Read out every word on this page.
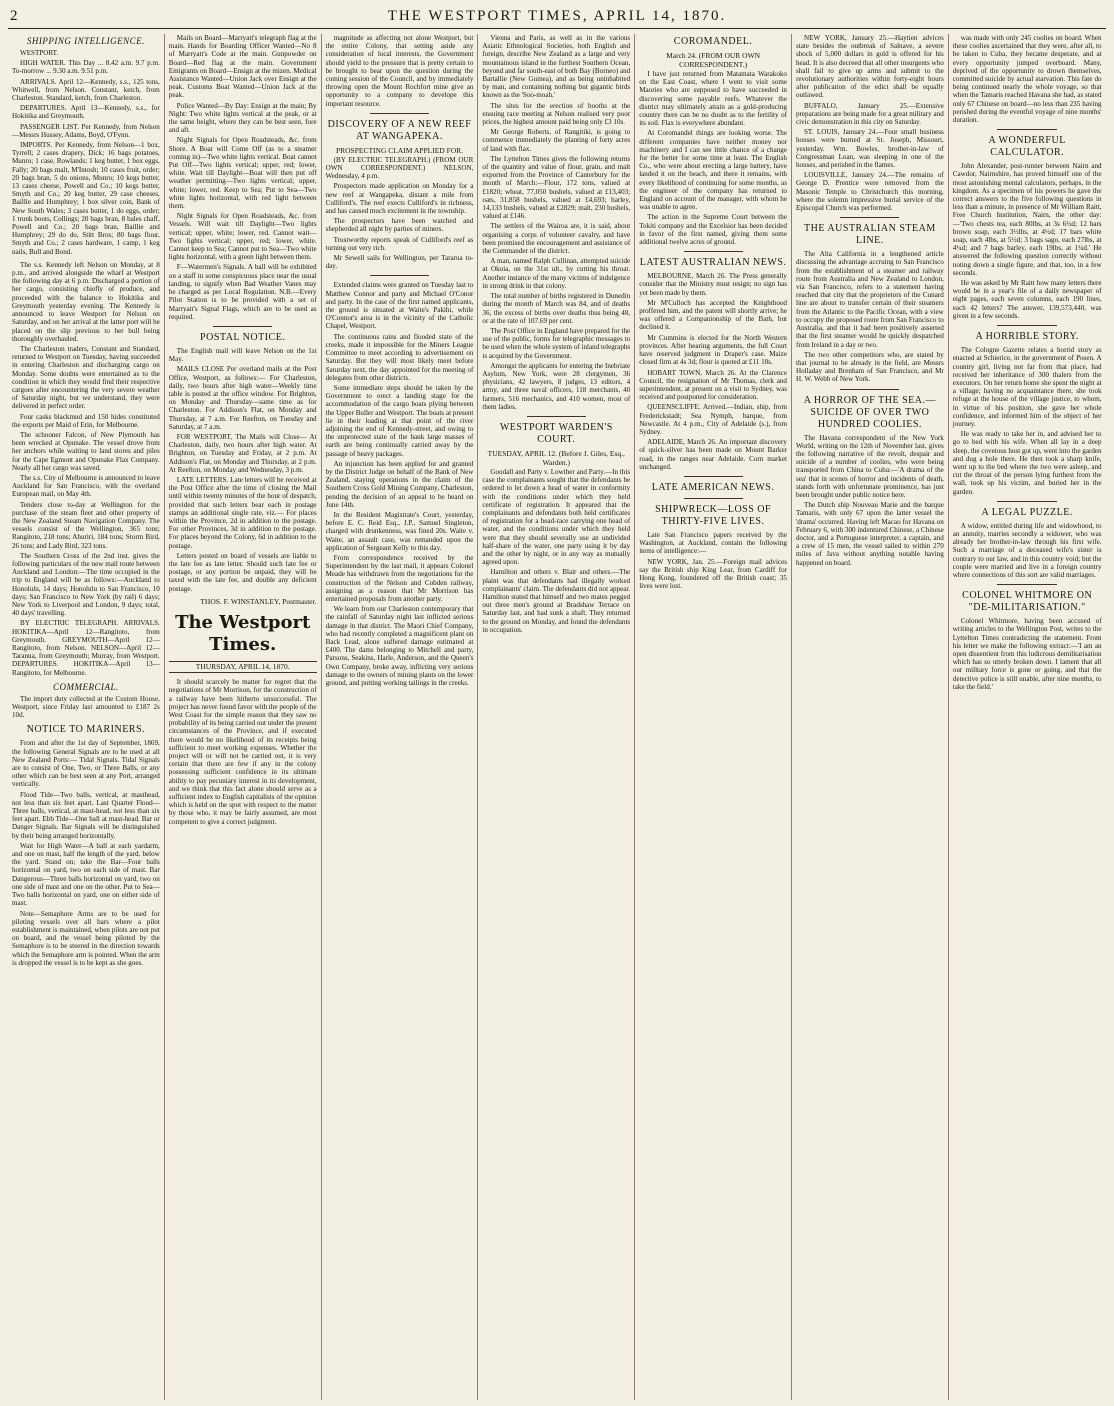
2	THE WESTPORT TIMES, APRIL 14, 1870.
SHIPPING INTELLIGENCE.

WESTPORT.

HIGH WATER. This Day ... 8.42 a.m. 9.7 p.m. To-morrow ... 9.30 a.m. 9.51 p.m.

ARRIVALS. April 12—Kennedy, s.s., 125 tons, Whitwell, from Nelson. Constant, ketch, from Charleston. Standard, ketch, from Charleston.

DEPARTURES. April 13—Kennedy, s.s., for Hokitika and Greymouth.

PASSENGER LIST. Per Kennedy, from Nelson—Messrs Hussey, Adams, Boyd, O'Fynn.

IMPORTS. Per Kennedy, from Nelson—1 box, Tyrrell; 2 cases drapery, Dick; 16 bags potatoes, Munro; 1 case, Rowlands; 1 keg butter, 1 box eggs, Fally; 20 bags malt, M'Intosh; 10 cases fruit, order; 20 bags bran, 5 do onions, Munro; 10 kegs butter, 13 cases cheese, Powell and Co.; 10 kegs butter, Smyth and Co.; 20 keg butter, 29 case cheeses, Baillie and Humphrey; 1 box silver coin, Bank of New South Wales; 3 cases butter, 1 do eggs, order; 1 trunk boots, Collings; 20 bags bran, 8 bales chaff, Powell and Co.; 20 bags bran, Baillie and Humphrey; 29 do do, Stitt Bros; 80 bags flour, Smyth and Co.; 2 cases hardware, 1 camp, 1 keg nails, Bull and Bond.

The s.s. Kennedy left Nelson on Monday, at 8 p.m., and arrived alongside the wharf at Westport the following day at 6 p.m. Discharged a portion of her cargo, consisting chiefly of produce, and proceeded with the balance to Hokitika and Greymouth yesterday evening. The Kennedy is announced to leave Westport for Nelson on Saturday, and on her arrival at the latter port will be placed on the slip previous to her bull being thoroughly overhauled.

The Charleston traders, Constant and Standard, returned to Westport on Tuesday, having succeeded in entering Charleston and discharging cargo on Monday. Some doubts were entertained as to the condition in which they would find their respective cargoes after encountering the very severe weather of Saturday night, but we understand, they were delivered in perfect order.

Four casks blackmud and 150 hides constituted the exports per Maid of Erin, for Melbourne.

The schooner Falcon, of New Plymouth has been wrecked at Opunake. The vessel drove from her anchors while waiting to land stores and piles for the Cape Egmont and Opunake Flax Company. Nearly all her cargo was saved.

The s.s. City of Melbourne is announced to leave Auckland for San Francisco, with the overland European mail, on May 4th.

Tenders close to-day at Wellington for the purchase of the steam fleet and other property of the New Zealand Steam Navigation Company. The vessels consist of the Wellington, 365 tons; Rangitoto, 218 tons; Ahuriri, 184 tons; Storm Bird, 26 tons; and Lady Bird, 323 tons.

The Southern Cross of the 2nd inst. gives the following particulars of the new mail route between Auckland and London:—The time occupied in the trip to England will be as follows:—Auckland to Honolulu, 14 days; Honolulu to San Francisco, 10 days; San Francisco to New York (by rail) 6 days; New York to Liverpool and London, 9 days; total, 40 days' travelling.

BY ELECTRIC TELEGRAPH. ARRIVALS. HOKITIKA—April 12—Rangitoto, from Greymouth. GREYMOUTH—April 12—Rangitoto, from Nelson. NELSON—April 12—Taranua, from Greymouth; Murray, from Westport. DEPARTURES. HOKITIKA—April 13—Rangitoto, for Melbourne.

COMMERCIAL.

The import duty collected at the Custom House, Westport, since Friday last amounted to £187 2s 10d.

NOTICE TO MARINERS.

From and after the 1st day of September, 1869, the following General Signals are to be used at all New Zealand Ports:— Tidal Signals. Tidal Signals are to consist of One, Two, or Three Balls, or any other which can be best seen at any Port, arranged vertically.

Flood Tide—Two balls, vertical, at masthead, not less than six feet apart. Last Quarter Flood—Three balls, vertical, at mast-head, not less than six feet apart. Ebb Tide—One ball at mast-head. Bar or Danger Signals. Bar Signals will be distinguished by their being arranged horizontally.

Wait for High Water—A ball at each yardarm, and one on mast, half the length of the yard, below the yard. Stand on; take the Bar—Four balls horizontal on yard, two on each side of mast. Bar Dangerous—Three balls horizontal on yard, two on one side of mast and one on the other. Put to Sea—Two balls horizontal on yard, one on either side of mast.

Note—Semaphore Arms are to be used for piloting vessels over all bars where a pilot establishment is maintained, when pilots are not put on board, and the vessel being piloted by the Semaphore is to be steered in the direction towards which the Semaphore arm is pointed. When the arm is dropped the vessel is to be kept as she goes.

Mails on Board—Marryatt's telegraph flag at the main. Hands for Boarding Officer Wanted—No 8 of Marryatt's Code at the main. Gunpowder on Board—Red flag at the main. Government Emigrants on Board—Ensign at the mizen. Medical Assistance Wanted—Union Jack over Ensign at the peak. Customs Boat Wanted—Union Jack at the peak.

Police Wanted—By Day: Ensign at the main; By Night: Two white lights vertical at the peak, or at the same height, where they can be best seen, fore and aft.

Night Signals for Open Roadsteads, &c. from Shore. A Boat will Come Off (as to a steamer coming in)—Two white lights vertical. Boat cannot Put Off—Two lights vertical; upper, red; lower, white. Wait till Daylight—Boat will then put off weather permitting—Two lights vertical; upper, white; lower, red. Keep to Sea; Put to Sea—Two white lights horizontal, with red light between them.

Night Signals for Open Roadsteads, &c. from Vessels. Will wait till Daylight—Two lights vertical; upper, white; lower, red. Cannot wait—Two lights vertical; upper, red; lower, white. Cannot keep to Sea; Cannot put to Sea—Two white lights horizontal, with a green light between them.

F—Watermen's Signals. A ball will be exhibited on a staff in some conspicuous place near the usual landing, to signify when Bad Weather Vanes may be charged as per Local Regulation. N.B.—Every Pilot Station is to be provided with a set of Marryatt's Signal Flags, which are to be used as required.

POSTAL NOTICE.

The English mail will leave Nelson on the 1st May.

MAILS CLOSE Per overland mails at the Post Office, Westport, as follows:— For Charleston, daily, two hours after high water—Weekly time table is posted at the office window. For Brighton, on Monday and Thursday—same time as for Charleston. For Addison's Flat, on Monday and Thursday, at 7 a.m. For Reefton, on Tuesday and Saturday, at 7 a.m.

FOR WESTPORT, The Mails will Close— At Charleston, daily, two hours after high water. At Brighton, on Tuesday and Friday, at 2 p.m. At Addison's Flat, on Monday and Thursday, at 2 p.m. At Reefton, on Monday and Wednesday, 3 p.m.

LATE LETTERS. Late letters will be received at the Post Office after the time of closing the Mail until within twenty minutes of the hour of despatch, provided that such letters bear each in postage stamps an additional single rate, viz.— For places within the Province, 2d in addition to the postage. For other Provinces, 3d in addition to the postage. For places beyond the Colony, 6d in addition to the postage.

Letters posted on board of vessels are liable to the late fee as late letter. Should such late fee or postage, or any portion be unpaid, they will be taxed with the late fee, and double any deficient postage.

THOS. F. WINSTANLEY, Postmaster.
The Westport Times.
THURSDAY, APRIL 14, 1870.

It should scarcely be matter for regret that the negotiations of Mr Morrison, for the construction of a railway have been hitherto unsuccessful. The project has never found favor with the people of the West Coast for the simple reason that they saw no probability of its being carried out under the present circumstances of the Province, and if executed there would be no likelihood of its receipts being sufficient to meet working expenses. Whether the project will or will not be carried out, it is very certain that there are few if any in the colony possessing sufficient confidence in its ultimate ability to pay pecuniary interest in its development, and we think that this fact alone should serve as a sufficient index to English capitalists of the opinion which is held on the spot with respect to the matter by those who, it may be fairly assumed, are most competent to give a correct judgment.

magnitude as affecting not alone Westport, but the entire Colony, that setting aside any consideration of local interests, the Government should yield to the pressure that is pretty certain to be brought to bear upon the question during the coming session of the Council, and by immediately throwing open the Mount Rochfort mine give an opportunity to a company to develope this important resource.

DISCOVERY OF A NEW REEF AT WANGAPEKA.
PROSPECTING CLAIM APPLIED FOR.

(BY ELECTRIC TELEGRAPH.) (FROM OUR OWN CORRESPONDENT.) NELSON, Wednesday, 4 p.m.

Prospectors made application on Monday for a new reef at Wangapeka, distant a mile from Culliford's. The reef exects Culliford's in richness, and has caused much excitement in the township.

The prospectors have been watched and shepherded all night by parties of miners.

Trustworthy reports speak of Culliford's reef as turning out very rich.

Mr Sewell sails for Wellington, per Tararua to-day.

Extended claims were granted on Tuesday last to Matthew Connor and party and Michael O'Conor and party. In the case of the first named applicants, the ground is situated at Waite's Pakihi, while O'Connor's area is in the vicinity of the Catholic Chapel, Westport.

The continuous rains and flooded state of the creeks, made it impossible for the Miners League Committee to meet according to advertisement on Saturday. But they will most likely meet before Saturday next, the day appointed for the meeting of delegates from other districts.

Some immediate steps should be taken by the Government to erect a landing stage for the accommodation of the cargo boats plying between the Upper Buller and Westport. The boats at present lie in their loading at that point of the river adjoining the end of Kennedy-street, and owing to the unprotected state of the bank large masses of earth are being continually carried away by the passage of heavy packages.

An injunction has been applied for and granted by the District Judge on behalf of the Bank of New Zealand, staying operations in the claim of the Southern Cross Gold Mining Company, Charleston, pending the decision of an appeal to be heard on June 14th.

In the Resident Magistrate's Court, yesterday, before E. C. Reid Esq., J.P., Samuel Singleton, charged with drunkenness, was fined 20s. Waite v. Waite, an assault case, was remanded upon the application of Sergeant Kelly to this day.

From correspondence received by the Superintendent by the last mail, it appears Colonel Meade has withdrawn from the negotiations for the construction of the Nelson and Cobden railway, assigning as a reason that Mr Morrison has entertained proposals from another party.

We learn from our Charleston contemporary that the rainfall of Saturday night last inflicted serious damage in that district. The Maori Chief Company, who had recently completed a magnificent plant on Back Lead, alone suffered damage estimated at £400. The dams belonging to Mitchell and party, Parsons, Seakins, Harle, Anderson, and the Queen's Own Company, broke away, inflicting very serious damage to the owners of mining plants on the lower ground, and putting working tailings in the creeks.

Vienna and Paris, as well as in the various Asiatic Ethnological Societies, both English and foreign, describe New Zealand as a large and very mountainous island in the furthest Southern Ocean, beyond and far south-east of both Bay (Borneo) and Bartallie (New Guinea), and as being uninhabited by man, and containing nothing but gigantic birds known as the 'Soo-moah.'

The sites for the erection of booths at the ensuing race meeting at Nelson realised very poor prices, the highest amount paid being only £3 10s.

Mr George Roberts, of Rangitiki, is going to commence immediately the planting of forty acres of land with flax.

The Lyttelton Times gives the following returns of the quantity and value of flour, grain, and malt exported from the Province of Canterbury for the month of March:—Flour, 172 tons, valued at £1820; wheat, 77,050 bushels, valued at £13,403; oats, 31,858 bushels, valued at £4,693; barley, 14,133 bushels, valued at £2829; malt, 230 bushels, valued at £146.

The settlers of the Wairoa are, it is said, about organising a corps of volunteer cavalry, and have been promised the encouragement and assistance of the Commander of the district.

A man, named Ralph Cullinan, attempted suicide at Okoia, on the 31st ult., by cutting his throat. Another instance of the many victims of indulgence in strong drink in that colony.

The total number of births registered in Dunedin during the month of March was 84, and of deaths 36, the excess of births over deaths thus being 48, or at the rate of 107.69 per cent.

The Post Office in England have prepared for the use of the public, forms for telegraphic messages to be used when the whole system of inland telegraphs is acquired by the Government.

Amongst the applicants for entering the Inebriate Asylum, New York, were 28 clergymen, 36 physicians, 42 lawyers, 8 judges, 13 editors, 4 army, and three naval officers, 118 merchants, 40 farmers, 516 mechanics, and 410 women, most of them ladies.

WESTPORT WARDEN'S COURT.
TUESDAY, APRIL 12. (Before J. Giles, Esq., Warden.)

Goodall and Party v. Lowther and Party.—In this case the complainants sought that the defendants be ordered to let down a head of water in conformity with the conditions under which they held certificate of registration. It appeared that the complainants and defendants both held certificates of registration for a head-race carrying one head of water, and the conditions under which they held were that they should severally use an undivided half-share of the water, one party using it by day and the other by night, or in any way as mutually agreed upon.

Hamilton and others v. Blair and others.—The plaint was that defendants had illegally worked complainants' claim. The defendants did not appear. Hamilton stated that himself and two mates pegged out three men's ground at Bradshaw Terrace on Saturday last, and had sunk a shaft. They returned to the ground on Monday, and found the defendants in occupation.

COROMANDEL.
March 24. (FROM OUR OWN CORRESPONDENT.)

I have just returned from Matamata Warakoko on the East Coast, where I went to visit some Maories who are supposed to have succeeded in discovering some payable reefs. Whatever the district may ultimately attain as a gold-producing country there can be no doubt as to the fertility of its soil. Flax is everywhere abundant.

At Coromandel things are looking worse. The different companies have neither money nor machinery and I can see little chance of a change for the better for some time at least. The English Co., who were about erecting a large battery, have landed it on the beach, and there it remains, with every likelihood of continuing for some months, as the engineer of the company has returned to England on account of the manager, with whom he was unable to agree.

The action in the Supreme Court between the Tokiti company and the Excelsior has been decided in favor of the first named, giving them some additional twelve acres of ground.

LATEST AUSTRALIAN NEWS.

MELBOURNE, March 26. The Press generally consider that the Ministry must resign; no sign has yet been made by them.

Mr M'Culloch has accepted the Knighthood proffered him, and the patent will shortly arrive; he was offered a Companionship of the Bath, but declined it.

Mr Cummins is elected for the North Western provinces. After hearing arguments, the full Court have reserved judgment in Draper's case. Maize closed firm at 4s 3d; flour is quoted at £11 10s.

HOBART TOWN, March 26. At the Clarence Council, the resignation of Mr Thomas, clerk and superintendent, at present on a visit to Sydney, was received and postponed for consideration.

QUEENSCLIFFE. Arrived.—Indian, ship, from Frederickstadt; Sea Nymph, barque, from Newcastle. At 4 p.m., City of Adelaide (s.), from Sydney.

ADELAIDE, March 26. An important discovery of quick-silver has been made on Mount Barker road, in the ranges near Adelaide. Corn market unchanged.

LATE AMERICAN NEWS.
SHIPWRECK—LOSS OF THIRTY-FIVE LIVES.

Late San Francisco papers received by the Washington, at Auckland, contain the following items of intelligence:—

NEW YORK, Jan. 25.—Foreign mail advices say the British ship King Lear, from Cardiff for Hong Kong, foundered off the British coast; 35 lives were lost.

NEW YORK, January 25.—Haytien advices state besides the outbreak of Salnave, a severe shock of 5,000 dollars in gold is offered for his head. It is also decreed that all other insurgents who shall fail to give up arms and submit to the revolutionary authorities within forty-eight hours after publication of the edict shall be equally outlawed.

BUFFALO, January 25.—Extensive preparations are being made for a great military and civic demonstration in this city on Saturday.

ST. LOUIS, January 24.—Four small business houses were burned at St. Joseph, Missouri, yesterday. Wm. Bowles, brother-in-law of Congressman Loan, was sleeping in one of the houses, and perished in the flames.

LOUISVILLE, January 24.—The remains of George D. Prentice were removed from the Masonic Temple to Christchurch this morning, where the solemn impressive burial service of the Episcopal Church was performed.

THE AUSTRALIAN STEAM LINE.

The Alta California in a lengthened article discussing the advantage accruing to San Francisco from the establishment of a steamer and railway route from Australia and New Zealand to London, via San Francisco, refers to a statement having reached that city that the proprietors of the Cunard line are about to transfer certain of their steamers from the Atlantic to the Pacific Ocean, with a view to occupy the proposed route from San Francisco to Australia, and that it had been positively asserted that the first steamer would be quickly despatched from Ireland in a day or two.

The two other competitors who, are stated by that journal to be already in the field, are Messrs Holladay and Brenham of San Francisco, and Mr H. W. Webb of New York.

A HORROR OF THE SEA.—SUICIDE OF OVER TWO HUNDRED COOLIES.

The Havana correspondent of the New York World, writing on the 12th of November last, gives the following narrative of the revolt, despair and suicide of a number of coolies, who were being transported from China to Cuba:—'A drama of the sea' that in scenes of horror and incidents of death, stands forth with unfortunate prominence, has just been brought under public notice here.

The Dutch ship Nouveau Marie and the barque Tamaris, with only 67 upon the latter vessel the 'drama' occurred. Having left Macao for Havana on February 6, with 300 indentured Chinese, a Chinese doctor, and a Portuguese interpreter, a captain, and a crew of 15 men, the vessel sailed to within 270 miles of Java without anything notable having happened on board.

was made with only 245 coolies on board. When these coolies ascertained that they were, after all, to be taken to Cuba, they became desperate, and at every opportunity jumped overboard. Many, deprived of the opportunity to drown themselves, committed suicide by actual starvation. This fate do being continued nearly the whole voyage, so that when the Tamaris reached Havana she had, as stated only 67 Chinese on board—no less than 235 having perished during the eventful voyage of nine months' duration.

A WONDERFUL CALCULATOR.

John Alexander, post-runner between Nairn and Cawdor, Nairnshire, has proved himself one of the most astonishing mental calculators, perhaps, in the kingdom. As a specimen of his powers he gave the correct answers to the five following questions in less than a minute, in presence of Mr William Raitt, Free Church Institution, Nairn, the other day:—'Two chests tea, each 80lbs, at 3s 6½d; 12 bars brown soap, each 3½lbs, at 4½d; 17 bars white soap, each 4lbs, at 5½d; 3 bags sago, each 27lbs, at 4¼d; and 7 bags barley, each 19lbs, at 1¼d.' He answered the following question correctly without noting down a single figure, and that, too, in a few seconds.

He was asked by Mr Raitt how many letters there would be in a year's file of a daily newspaper of eight pages, each seven columns, each 190 lines, each 42 letters? The answer, 139,573,440, was given in a few seconds.

A HORRIBLE STORY.

The Cologne Gazette relates a horrid story as enacted at Schierice, in the government of Posen. A country girl, living not far from that place, had received her inheritance of 300 thalers from the executors. On her return home she spent the night at a village; having no acquaintance there, she took refuge at the house of the village justice, to whom, in virtue of his position, she gave her whole confidence, and informed him of the object of her journey.

He was ready to take her in, and advised her to go to bed with his wife. When all lay in a deep sleep, the covetous host got up, went into the garden and dug a hole there. He then took a sharp knife, went up to the bed where the two were asleep, and cut the throat of the person lying furthest from the wall, took up his victim, and buried her in the garden.

A LEGAL PUZZLE.

A widow, entitled during life and widowhood, to an annuity, marries secondly a widower, who was already her brother-in-law through his first wife. Such a marriage of a deceased wife's sister is contrary to our law, and in this country void; but the couple were married and live in a foreign country where connections of this sort are valid marriages.

COLONEL WHITMORE ON "DE-MILITARISATION."

Colonel Whitmore, having been accused of writing articles to the Wellington Post, writes to the Lyttelton Times contradicting the statement. From his letter we make the following extract:—'I am an open dissentient from this ludicrous demilitarisation which has so utterly broken down. I lament that all our military force is gone or going, and that the detective police is still unable, after nine months, to take the field.'
